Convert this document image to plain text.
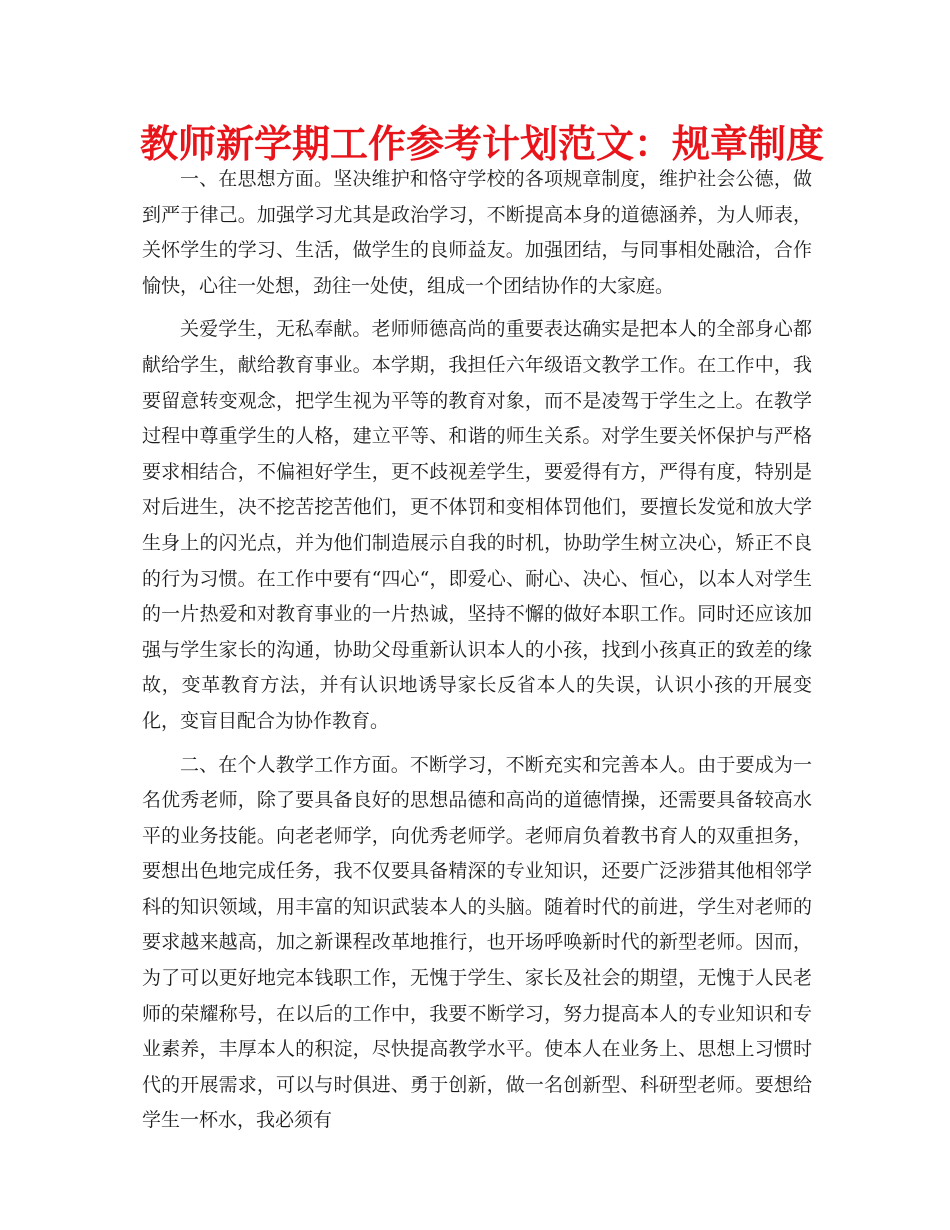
教师新学期工作参考计划范文：规章制度

一、在思想方面。坚决维护和恪守学校的各项规章制度，维护社会公德，做到严于律己。加强学习尤其是政治学习，不断提高本身的道德涵养，为人师表，关怀学生的学习、生活，做学生的良师益友。加强团结，与同事相处融洽，合作愉快，心往一处想，劲往一处使，组成一个团结协作的大家庭。

关爱学生，无私奉献。老师师德高尚的重要表达确实是把本人的全部身心都献给学生，献给教育事业。本学期，我担任六年级语文教学工作。在工作中，我要留意转变观念，把学生视为平等的教育对象，而不是凌驾于学生之上。在教学过程中尊重学生的人格，建立平等、和谐的师生关系。对学生要关怀保护与严格要求相结合，不偏袒好学生，更不歧视差学生，要爱得有方，严得有度，特别是对后进生，决不挖苦挖苦他们，更不体罚和变相体罚他们，要擅长发觉和放大学生身上的闪光点，并为他们制造展示自我的时机，协助学生树立决心，矫正不良的行为习惯。在工作中要有“四心“，即爱心、耐心、决心、恒心，以本人对学生的一片热爱和对教育事业的一片热诚，坚持不懈的做好本职工作。同时还应该加强与学生家长的沟通，协助父母重新认识本人的小孩，找到小孩真正的致差的缘故，变革教育方法，并有认识地诱导家长反省本人的失误，认识小孩的开展变化，变盲目配合为协作教育。

二、在个人教学工作方面。不断学习，不断充实和完善本人。由于要成为一名优秀老师，除了要具备良好的思想品德和高尚的道德情操，还需要具备较高水平的业务技能。向老老师学，向优秀老师学。老师肩负着教书育人的双重担务，要想出色地完成任务，我不仅要具备精深的专业知识，还要广泛涉猎其他相邻学科的知识领域，用丰富的知识武装本人的头脑。随着时代的前进，学生对老师的要求越来越高，加之新课程改革地推行，也开场呼唤新时代的新型老师。因而，为了可以更好地完本钱职工作，无愧于学生、家长及社会的期望，无愧于人民老师的荣耀称号，在以后的工作中，我要不断学习，努力提高本人的专业知识和专业素养，丰厚本人的积淀，尽快提高教学水平。使本人在业务上、思想上习惯时代的开展需求，可以与时俱进、勇于创新，做一名创新型、科研型老师。要想给学生一杯水，我必须有
